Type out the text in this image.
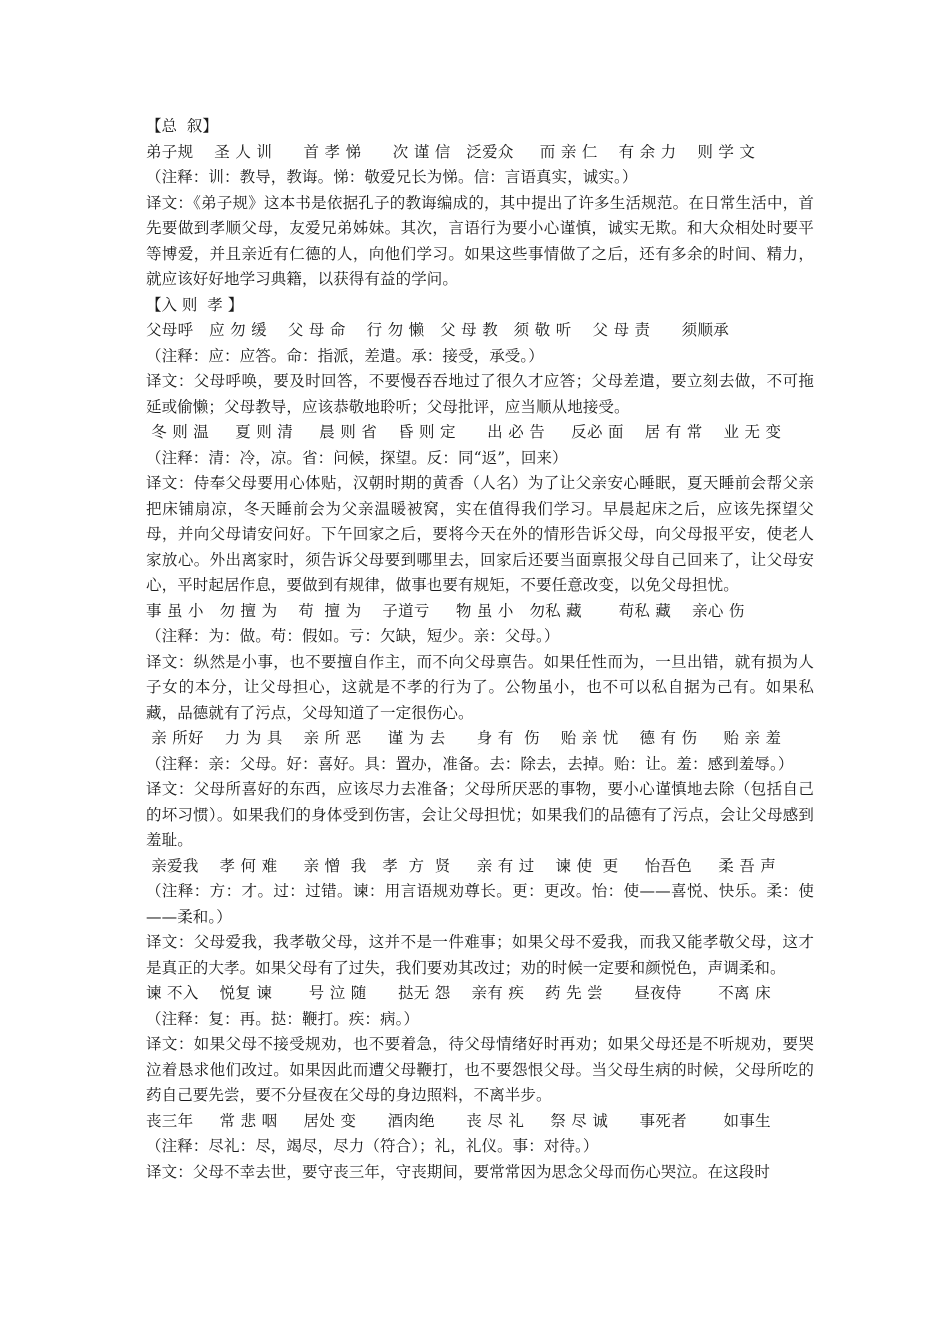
【总  叙】
弟子规    圣 人 训      首 孝 悌      次 谨 信   泛爱众     而 亲 仁    有 余 力    则 学 文
（注释：训：教导，教诲。悌：敬爱兄长为悌。信：言语真实，诚实。）
译文：《弟子规》这本书是依据孔子的教诲编成的，其中提出了许多生活规范。在日常生活中，首先要做到孝顺父母，友爱兄弟姊妹。其次，言语行为要小心谨慎，诚实无欺。和大众相处时要平等博爱，并且亲近有仁德的人，向他们学习。如果这些事情做了之后，还有多余的时间、精力，就应该好好地学习典籍，以获得有益的学问。
【入 则  孝 】
父母呼   应 勿 缓    父 母 命    行 勿 懒   父 母 教   须 敬 听    父 母 责      须顺承
（注释：应：应答。命：指派，差遣。承：接受，承受。）
译文：父母呼唤，要及时回答，不要慢吞吞地过了很久才应答；父母差遣，要立刻去做，不可拖延或偷懒；父母教导，应该恭敬地聆听；父母批评，应当顺从地接受。
冬 则 温     夏 则 清     晨 则 省    昏 则 定      出 必 告     反必 面    居 有 常    业 无 变
（注释：清：冷，凉。省：问候，探望。反：同“返”，回来）
译文：侍奉父母要用心体贴，汉朝时期的黄香（人名）为了让父亲安心睡眠，夏天睡前会帮父亲把床铺扇凉，冬天睡前会为父亲温暖被窝，实在值得我们学习。早晨起床之后，应该先探望父母，并向父母请安问好。下午回家之后，要将今天在外的情形告诉父母，向父母报平安，使老人家放心。外出离家时，须告诉父母要到哪里去，回家后还要当面禀报父母自己回来了，让父母安心，平时起居作息，要做到有规律，做事也要有规矩，不要任意改变，以免父母担忧。
事 虽 小   勿 擅 为    苟  擅 为    子道亏     物 虽 小   勿私 藏       苟私 藏    亲心 伤
（注释：为：做。苟：假如。亏：欠缺，短少。亲：父母。）
译文：纵然是小事，也不要擅自作主，而不向父母禀告。如果任性而为，一旦出错，就有损为人子女的本分，让父母担心，这就是不孝的行为了。公物虽小，也不可以私自据为己有。如果私藏，品德就有了污点，父母知道了一定很伤心。
亲 所好    力 为 具    亲 所 恶     谨 为 去      身 有  伤    贻 亲 忧    德 有 伤     贻 亲 羞
（注释：亲：父母。好：喜好。具：置办，准备。去：除去，去掉。贻：让。羞：感到羞辱。）
译文：父母所喜好的东西，应该尽力去准备；父母所厌恶的事物，要小心谨慎地去除（包括自己的坏习惯）。如果我们的身体受到伤害，会让父母担忧；如果我们的品德有了污点，会让父母感到羞耻。
亲爱我    孝 何 难     亲 憎  我   孝  方  贤     亲 有 过    谏 使  更     怡吾色     柔 吾 声
（注释：方：才。过：过错。谏：用言语规劝尊长。更：更改。怡：使——喜悦、快乐。柔：使——柔和。）
译文：父母爱我，我孝敬父母，这并不是一件难事；如果父母不爱我，而我又能孝敬父母，这才是真正的大孝。如果父母有了过失，我们要劝其改过；劝的时候一定要和颜悦色，声调柔和。
谏 不入    悦复 谏       号 泣 随      挞无 怨    亲有 疾    药 先 尝      昼夜侍       不离 床
（注释：复：再。挞：鞭打。疾：病。）
译文：如果父母不接受规劝，也不要着急，待父母情绪好时再劝；如果父母还是不听规劝，要哭泣着恳求他们改过。如果因此而遭父母鞭打，也不要怨恨父母。当父母生病的时候，父母所吃的药自己要先尝，要不分昼夜在父母的身边照料，不离半步。
丧三年     常 悲 咽     居处 变      酒肉绝      丧 尽 礼     祭 尽 诚      事死者       如事生
（注释：尽礼：尽，竭尽，尽力（符合）；礼，礼仪。事：对待。）
译文：父母不幸去世，要守丧三年，守丧期间，要常常因为思念父母而伤心哭泣。在这段时
